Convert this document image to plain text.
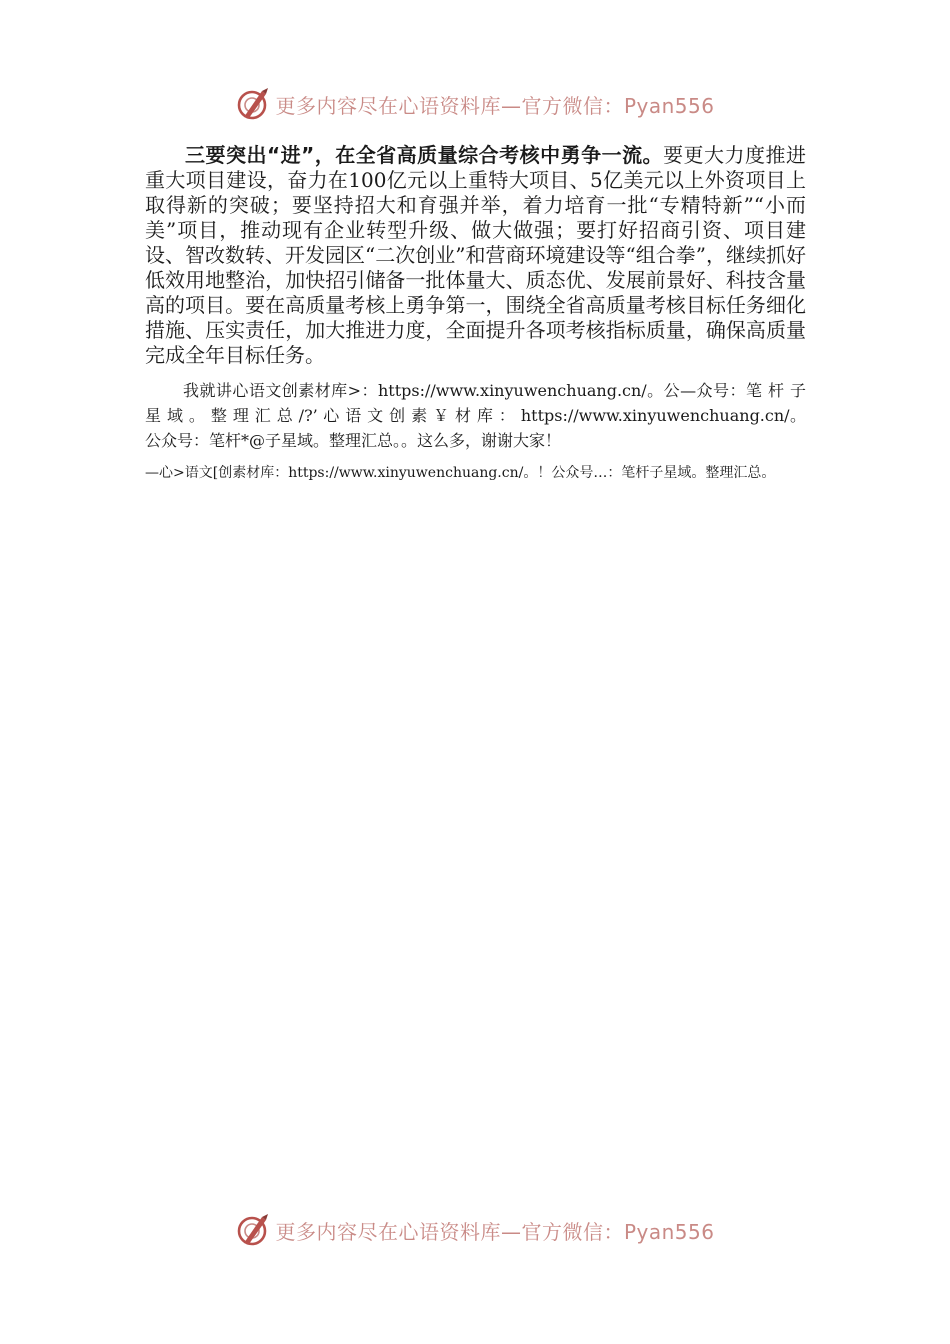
更多内容尽在心语资料库—官方微信：Pyan556

三要突出“进”，在全省高质量综合考核中勇争一流。要更大力度推进重大项目建设，奋力在100亿元以上重特大项目、5亿美元以上外资项目上取得新的突破；要坚持招大和育强并举，着力培育一批“专精特新”“小而美”项目，推动现有企业转型升级、做大做强；要打好招商引资、项目建设、智改数转、开发园区“二次创业”和营商环境建设等“组合拳”，继续抓好低效用地整治，加快招引储备一批体量大、质态优、发展前景好、科技含量高的项目。要在高质量考核上勇争第一，围绕全省高质量考核目标任务细化措施、压实责任，加大推进力度，全面提升各项考核指标质量，确保高质量完成全年目标任务。

我就讲心语文创素材库>：https://www.xinyuwenchuang.cn/。公—众号：笔 杆 子 星 域 。 整 理 汇 总 /?’ 心 语 文 创 素 ￥ 材 库 ： https://www.xinyuwenchuang.cn/。公众号：笔杆*@子星域。整理汇总。。这么多，谢谢大家！

—心>语文[创素材库：https://www.xinyuwenchuang.cn/。！公众号…：笔杆子星域。整理汇总。

更多内容尽在心语资料库—官方微信：Pyan556
